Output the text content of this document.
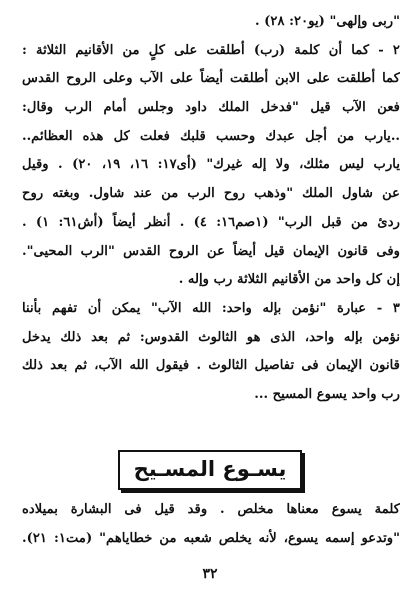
"ربى وإلهى" (يو٢٠: ٢٨) .
٢ - كما أن كلمة (رب) أطلقت على كلٍ من الأقانيم الثلاثة :
كما أطلقت على الابن أطلقت أيضاً على الآب وعلى الروح القدس
فعن الآب قيل "فدخل الملك داود وجلس أمام الرب وقال:
..يارب من أجل عبدك وحسب قلبك فعلت كل هذه العظائم..
يارب ليس مثلك، ولا إله غيرك" (أى١٧: ١٦، ١٩، ٢٠) . وقيل
عن شاول الملك "وذهب روح الرب من عند شاول. وبغته روح
ردئ من قبل الرب" (١صم١٦: ٤) . أنظر أيضاً (أش٦١: ١) .
وفى قانون الإيمان قيل أيضاً عن الروح القدس "الرب المحيى".
إن كل واحد من الأقانيم الثلاثة رب وإله .
٣ - عبارة "نؤمن بإله واحد: الله الآب" يمكن أن تفهم بأننا
نؤمن بإله واحد، الذى هو الثالوث القدوس: ثم بعد ذلك يدخل
قانون الإيمان فى تفاصيل الثالوث . فيقول الله الآب، ثم بعد ذلك
رب واحد يسوع المسيح ...
يسـوع المسـيح
كلمة يسوع معناها مخلص . وقد قيل فى البشارة بميلاده
"وتدعو إسمه يسوع، لأنه يخلص شعبه من خطاياهم" (مت١: ٢١).
٣٢
